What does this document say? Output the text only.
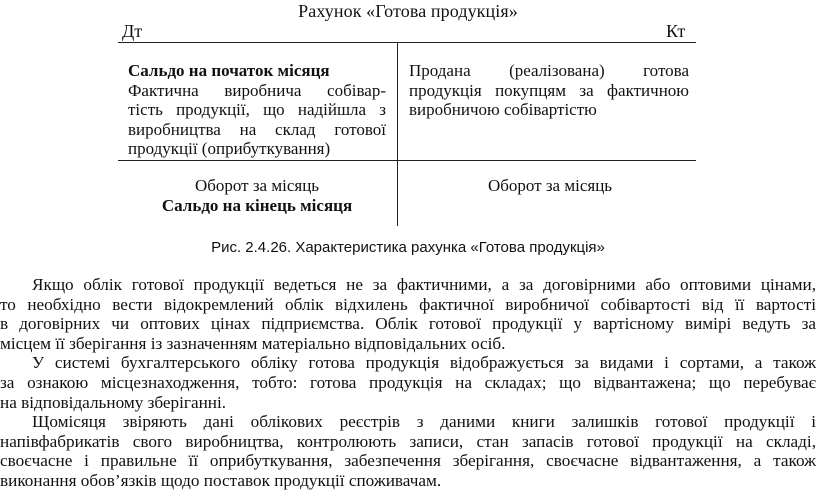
Рахунок «Готова продукція»
Дт	Кт
Сальдо на початок місяця
Фактична виробнича собівар-
тість продукції, що надійшла з
виробництва на склад готової
продукції (оприбуткування)
Продана (реалізована) готова
продукція покупцям за фактичною
виробничою собівартістю
Оборот за місяць
Сальдо на кінець місяця
Оборот за місяць
Рис. 2.4.26. Характеристика рахунка «Готова продукція»
Якщо облік готової продукції ведеться не за фактичними, а за договірними або оптовими цінами,
то необхідно вести відокремлений облік відхилень фактичної виробничої собівартості від її вартості
в договірних чи оптових цінах підприємства. Облік готової продукції у вартісному вимірі ведуть за
місцем її зберігання із зазначенням матеріально відповідальних осіб.
У системі бухгалтерського обліку готова продукція відображується за видами і сортами, а також
за ознакою місцезнаходження, тобто: готова продукція на складах; що відвантажена; що перебуває
на відповідальному зберіганні.
Щомісяця звіряють дані облікових реєстрів з даними книги залишків готової продукції і
напівфабрикатів свого виробництва, контролюють записи, стан запасів готової продукції на складі,
своєчасне і правильне її оприбуткування, забезпечення зберігання, своєчасне відвантаження, а також
виконання обов’язків щодо поставок продукції споживачам.
